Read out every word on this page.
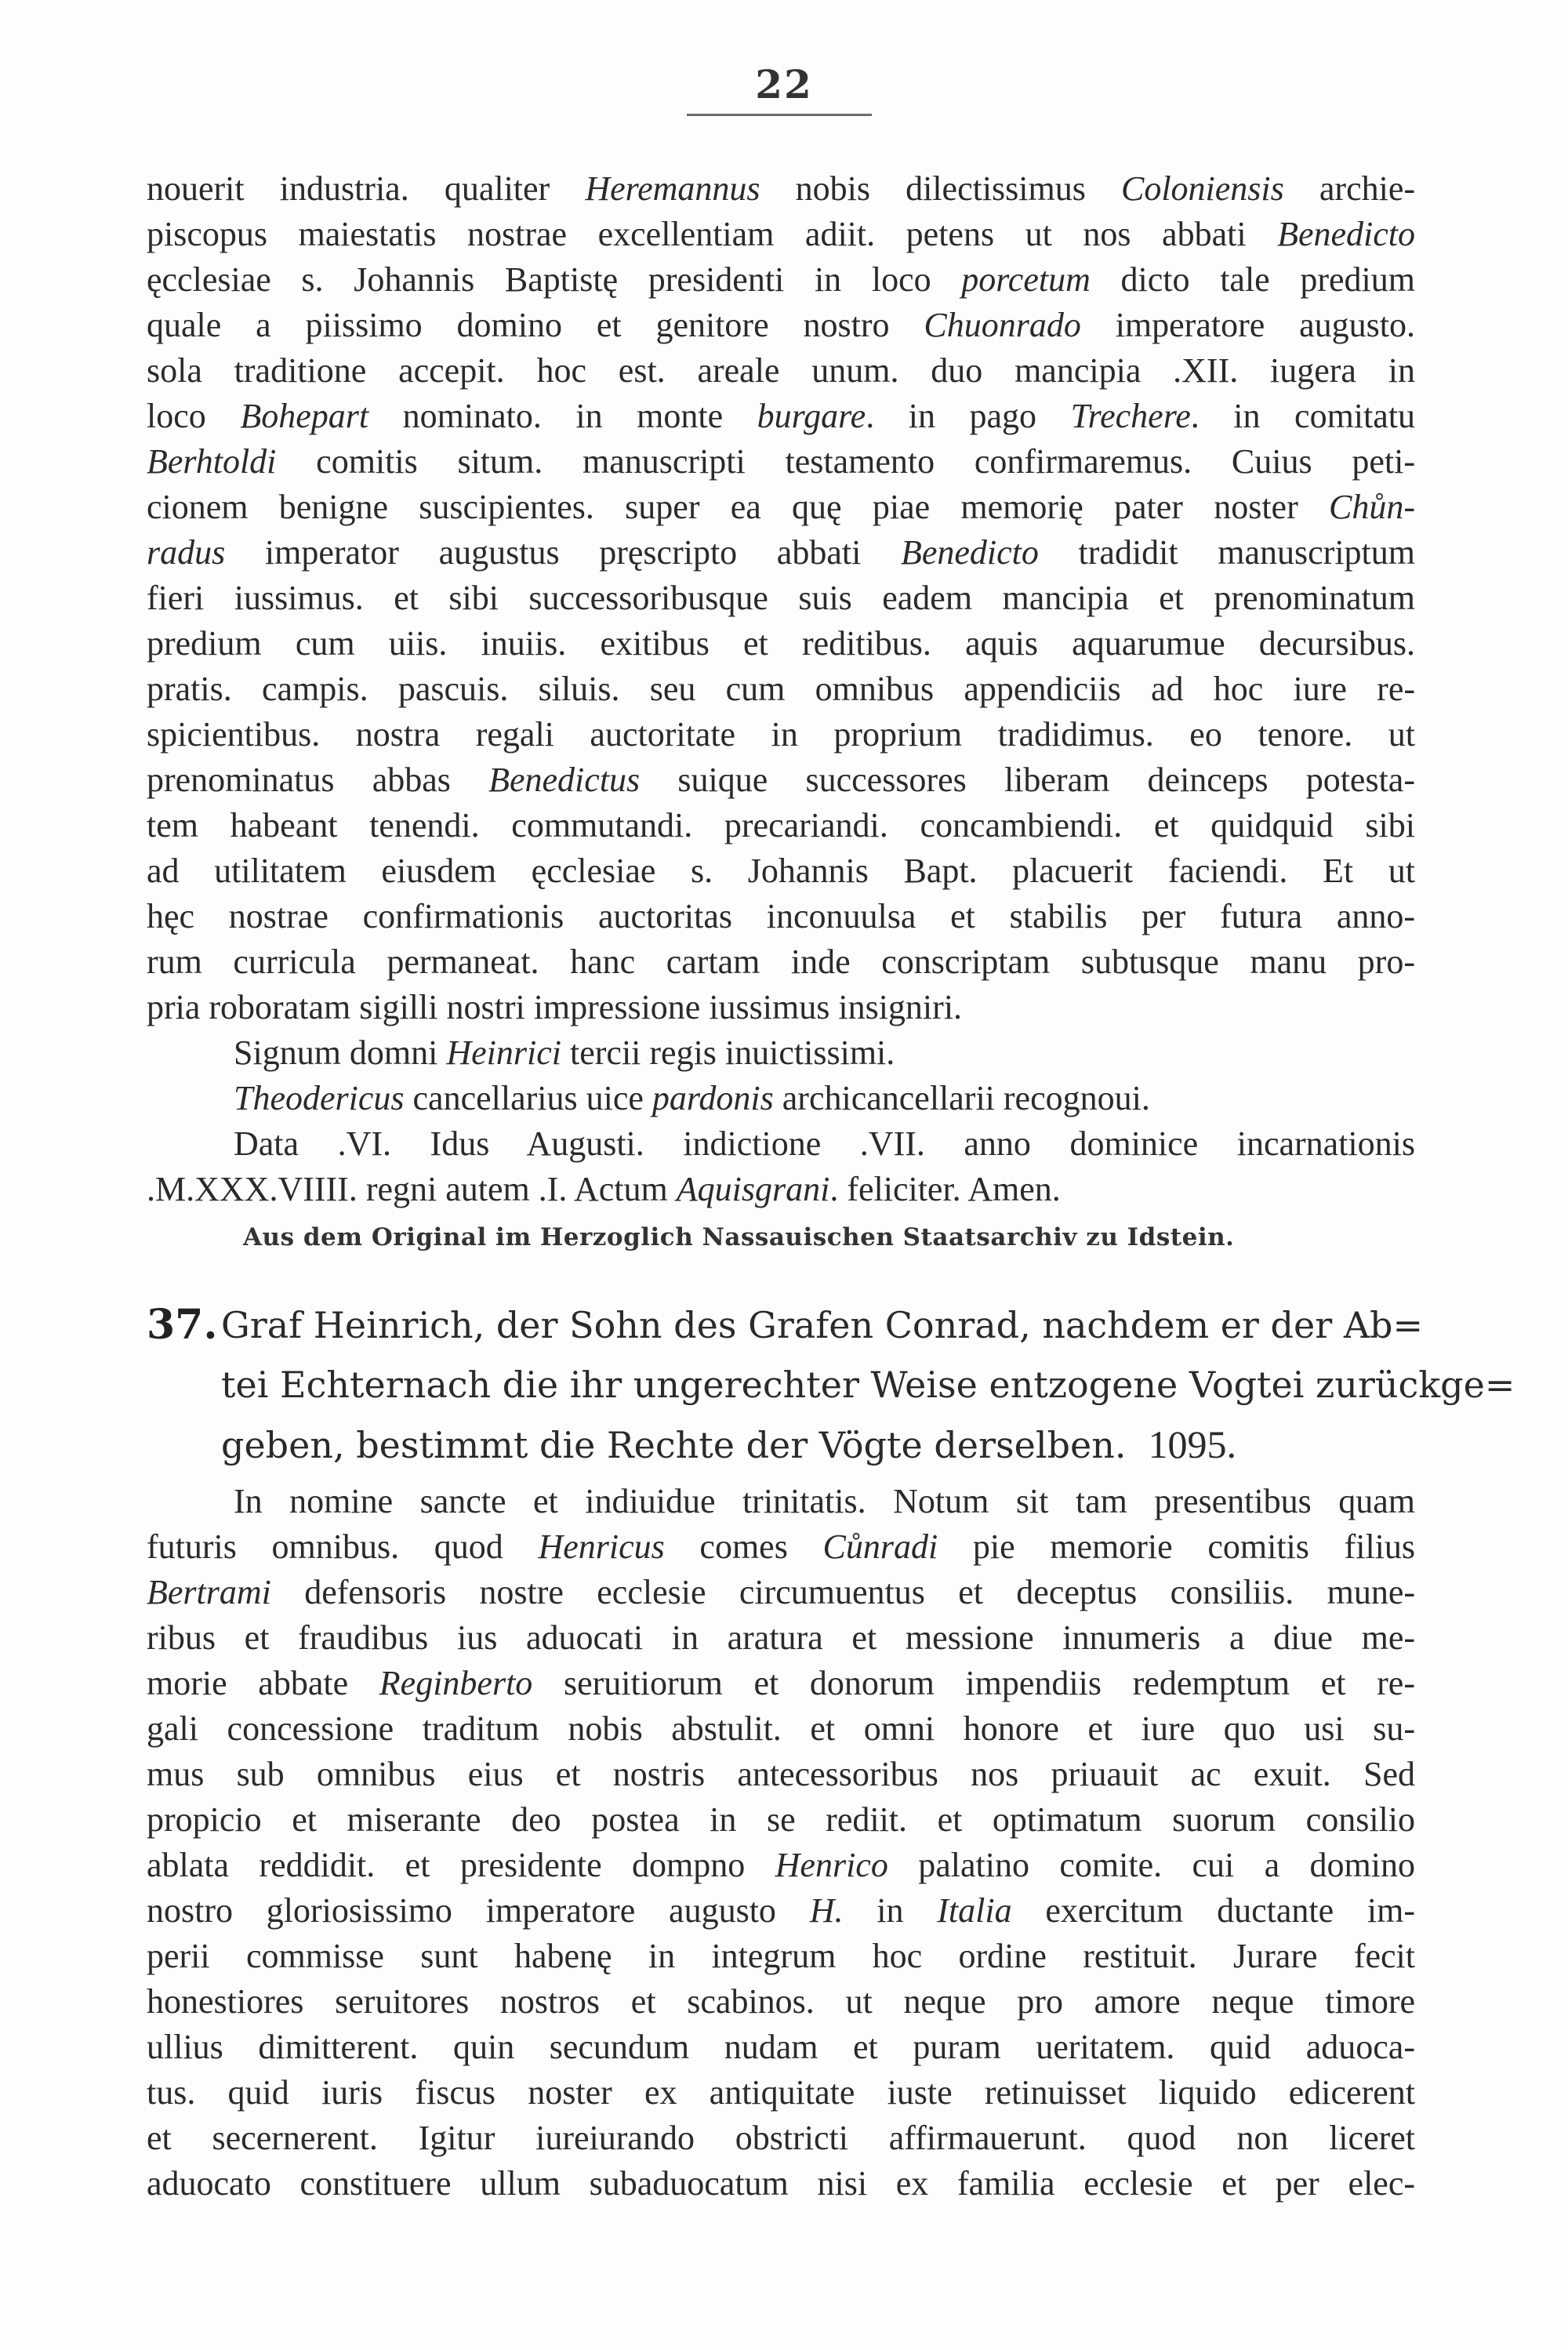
22
nouerit industria. qualiter Heremannus nobis dilectissimus Coloniensis archie-
piscopus maiestatis nostrae excellentiam adiit. petens ut nos abbati Benedicto
ęcclesiae s. Johannis Baptistę presidenti in loco porcetum dicto tale predium
quale a piissimo domino et genitore nostro Chuonrado imperatore augusto.
sola traditione accepit. hoc est. areale unum. duo mancipia .XII. iugera in
loco Bohepart nominato. in monte burgare. in pago Trechere. in comitatu
Berhtoldi comitis situm. manuscripti testamento confirmaremus. Cuius peti-
cionem benigne suscipientes. super ea quę piae memorię pater noster Chůn-
radus imperator augustus pręscripto abbati Benedicto tradidit manuscriptum
fieri iussimus. et sibi successoribusque suis eadem mancipia et prenominatum
predium cum uiis. inuiis. exitibus et reditibus. aquis aquarumue decursibus.
pratis. campis. pascuis. siluis. seu cum omnibus appendiciis ad hoc iure re-
spicientibus. nostra regali auctoritate in proprium tradidimus. eo tenore. ut
prenominatus abbas Benedictus suique successores liberam deinceps potesta-
tem habeant tenendi. commutandi. precariandi. concambiendi. et quidquid sibi
ad utilitatem eiusdem ęcclesiae s. Johannis Bapt. placuerit faciendi. Et ut
hęc nostrae confirmationis auctoritas inconuulsa et stabilis per futura anno-
rum curricula permaneat. hanc cartam inde conscriptam subtusque manu pro-
pria roboratam sigilli nostri impressione iussimus insigniri.
Signum domni Heinrici tercii regis inuictissimi.
Theodericus cancellarius uice pardonis archicancellarii recognoui.
Data .VI. Idus Augusti. indictione .VII. anno dominice incarnationis
.M.XXX.VIIII. regni autem .I. Actum Aquisgrani. feliciter. Amen.
Aus dem Original im Herzoglich Nassauischen Staatsarchiv zu Idstein.
37. Graf Heinrich, der Sohn des Grafen Conrad, nachdem er der Ab=
tei Echternach die ihr ungerechter Weise entzogene Vogtei zurückge=
geben, bestimmt die Rechte der Vögte derselben. 1095.
In nomine sancte et indiuidue trinitatis. Notum sit tam presentibus quam
futuris omnibus. quod Henricus comes Cůnradi pie memorie comitis filius
Bertrami defensoris nostre ecclesie circumuentus et deceptus consiliis. mune-
ribus et fraudibus ius aduocati in aratura et messione innumeris a diue me-
morie abbate Reginberto seruitiorum et donorum impendiis redemptum et re-
gali concessione traditum nobis abstulit. et omni honore et iure quo usi su-
mus sub omnibus eius et nostris antecessoribus nos priuauit ac exuit. Sed
propicio et miserante deo postea in se rediit. et optimatum suorum consilio
ablata reddidit. et presidente dompno Henrico palatino comite. cui a domino
nostro gloriosissimo imperatore augusto H. in Italia exercitum ductante im-
perii commisse sunt habenę in integrum hoc ordine restituit. Jurare fecit
honestiores seruitores nostros et scabinos. ut neque pro amore neque timore
ullius dimitterent. quin secundum nudam et puram ueritatem. quid aduoca-
tus. quid iuris fiscus noster ex antiquitate iuste retinuisset liquido edicerent
et secernerent. Igitur iureiurando obstricti affirmauerunt. quod non liceret
aduocato constituere ullum subaduocatum nisi ex familia ecclesie et per elec-
